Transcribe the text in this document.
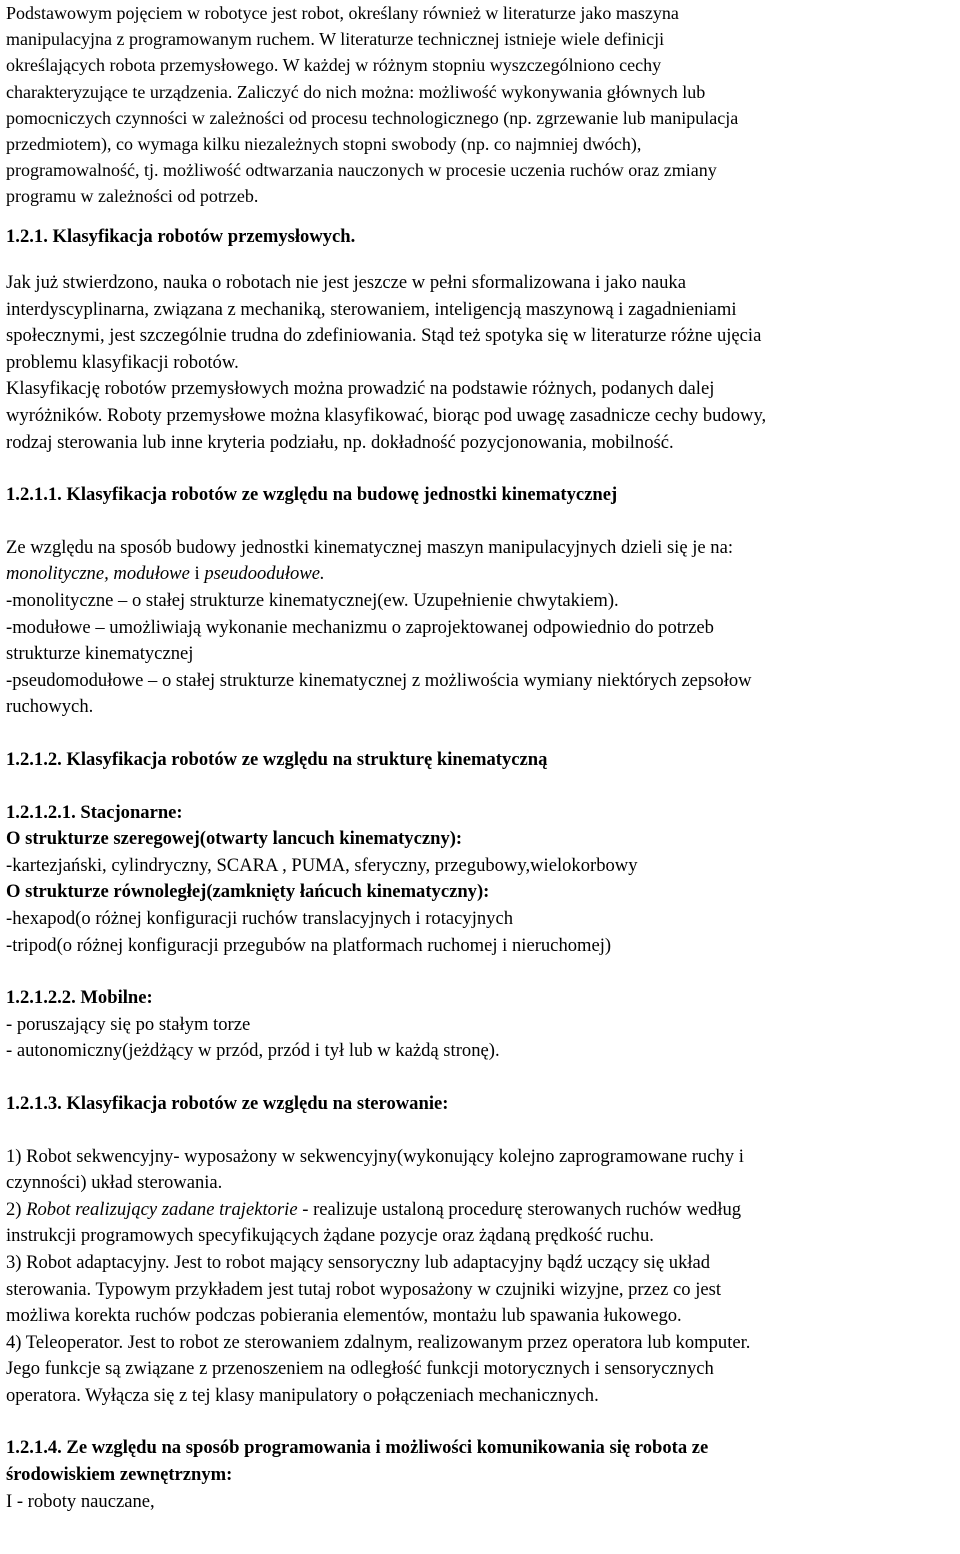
Podstawowym pojęciem w robotyce jest robot, określany również w literaturze jako maszyna
manipulacyjna z programowanym ruchem. W literaturze technicznej istnieje wiele definicji
określających robota przemysłowego. W każdej w różnym stopniu wyszczególniono cechy
charakteryzujące te urządzenia. Zaliczyć do nich można: możliwość wykonywania głównych lub
pomocniczych czynności w zależności od procesu technologicznego (np. zgrzewanie lub manipulacja
przedmiotem), co wymaga kilku niezależnych stopni swobody (np. co najmniej dwóch),
programowalność, tj. możliwość odtwarzania nauczonych w procesie uczenia ruchów oraz zmiany
programu w zależności od potrzeb.
1.2.1. Klasyfikacja robotów przemysłowych.
Jak już stwierdzono, nauka o robotach nie jest jeszcze w pełni sformalizowana i jako nauka
interdyscyplinarna, związana z mechaniką, sterowaniem, inteligencją maszynową i zagadnieniami
społecznymi, jest szczególnie trudna do zdefiniowania. Stąd też spotyka się w literaturze różne ujęcia
problemu klasyfikacji robotów.
Klasyfikację robotów przemysłowych można prowadzić na podstawie różnych, podanych dalej
wyróżników. Roboty przemysłowe można klasyfikować, biorąc pod uwagę zasadnicze cechy budowy,
rodzaj sterowania lub inne kryteria podziału, np. dokładność pozycjonowania, mobilność.
1.2.1.1. Klasyfikacja robotów ze względu na budowę jednostki kinematycznej
Ze względu na sposób budowy jednostki kinematycznej maszyn manipulacyjnych dzieli się je na:
monolityczne, modułowe i pseudoodułowe.
-monolityczne – o stałej strukturze kinematycznej(ew. Uzupełnienie chwytakiem).
-modułowe – umożliwiają wykonanie mechanizmu o zaprojektowanej odpowiednio do potrzeb
strukturze kinematycznej
-pseudomodułowe – o stałej strukturze kinematycznej z możliwościa wymiany niektórych zepsołow
ruchowych.
1.2.1.2. Klasyfikacja robotów ze względu na strukturę kinematyczną
1.2.1.2.1. Stacjonarne:
O strukturze szeregowej(otwarty lancuch kinematyczny):
-kartezjański, cylindryczny, SCARA , PUMA, sferyczny, przegubowy,wielokorbowy
O strukturze równoległej(zamknięty łańcuch kinematyczny):
-hexapod(o różnej konfiguracji ruchów translacyjnych i rotacyjnych
-tripod(o różnej konfiguracji przegubów na platformach ruchomej i nieruchomej)
1.2.1.2.2. Mobilne:
- poruszający się po stałym torze
- autonomiczny(jeżdżący w przód, przód i tył lub w każdą stronę).
1.2.1.3. Klasyfikacja robotów ze względu na sterowanie:
1) Robot sekwencyjny- wyposażony w sekwencyjny(wykonujący kolejno zaprogramowane ruchy i
czynności) układ sterowania.
2) Robot realizujący zadane trajektorie - realizuje ustaloną procedurę sterowanych ruchów według
instrukcji programowych specyfikujących żądane pozycje oraz żądaną prędkość ruchu.
3) Robot adaptacyjny. Jest to robot mający sensoryczny lub adaptacyjny bądź uczący się układ
sterowania. Typowym przykładem jest tutaj robot wyposażony w czujniki wizyjne, przez co jest
możliwa korekta ruchów podczas pobierania elementów, montażu lub spawania łukowego.
4) Teleoperator. Jest to robot ze sterowaniem zdalnym, realizowanym przez operatora lub komputer.
Jego funkcje są związane z przenoszeniem na odległość funkcji motorycznych i sensorycznych
operatora. Wyłącza się z tej klasy manipulatory o połączeniach mechanicznych.
1.2.1.4. Ze względu na sposób programowania i możliwości komunikowania się robota ze
środowiskiem zewnętrznym:
I - roboty nauczane,
